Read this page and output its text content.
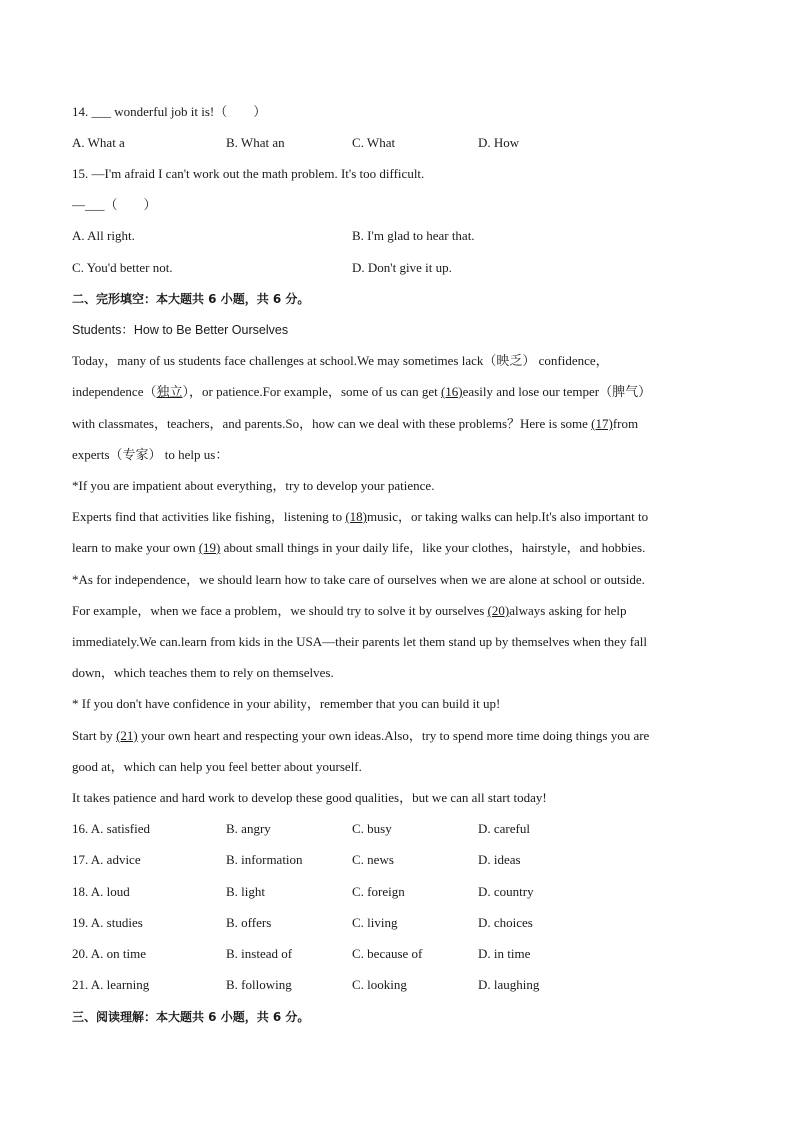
14. ___ wonderful job it is!（　　）
A. What a	B. What an	C. What	D. How
15. —I'm afraid I can't work out the math problem. It's too difficult.
—___（　　）
A. All right.	B. I'm glad to hear that.
C. You'd better not.	D. Don't give it up.
二、完形填空：本大题共 6 小题，共 6 分。
Students：How to Be Better Ourselves
Today，many of us students face challenges at school.We may sometimes lack（映乏） confidence，
independence（独立），or patience.For example，some of us can get (16)easily and lose our temper（脾气）
with classmates，teachers，and parents.So，how can we deal with these problems？Here is some (17)from
experts（专家） to help us：
*If you are impatient about everything，try to develop your patience.
Experts find that activities like fishing，listening to (18)music，or taking walks can help.It's also important to
learn to make your own (19) about small things in your daily life，like your clothes，hairstyle，and hobbies.
*As for independence，we should learn how to take care of ourselves when we are alone at school or outside.
For example，when we face a problem，we should try to solve it by ourselves (20)always asking for help
immediately.We can.learn from kids in the USA—their parents let them stand up by themselves when they fall
down，which teaches them to rely on themselves.
* If you don't have confidence in your ability，remember that you can build it up!
Start by (21) your own heart and respecting your own ideas.Also，try to spend more time doing things you are
good at，which can help you feel better about yourself.
It takes patience and hard work to develop these good qualities，but we can all start today!
16. A. satisfied	B. angry	C. busy	D. careful
17. A. advice	B. information	C. news	D. ideas
18. A. loud	B. light	C. foreign	D. country
19. A. studies	B. offers	C. living	D. choices
20. A. on time	B. instead of	C. because of	D. in time
21. A. learning	B. following	C. looking	D. laughing
三、阅读理解：本大题共 6 小题，共 6 分。
